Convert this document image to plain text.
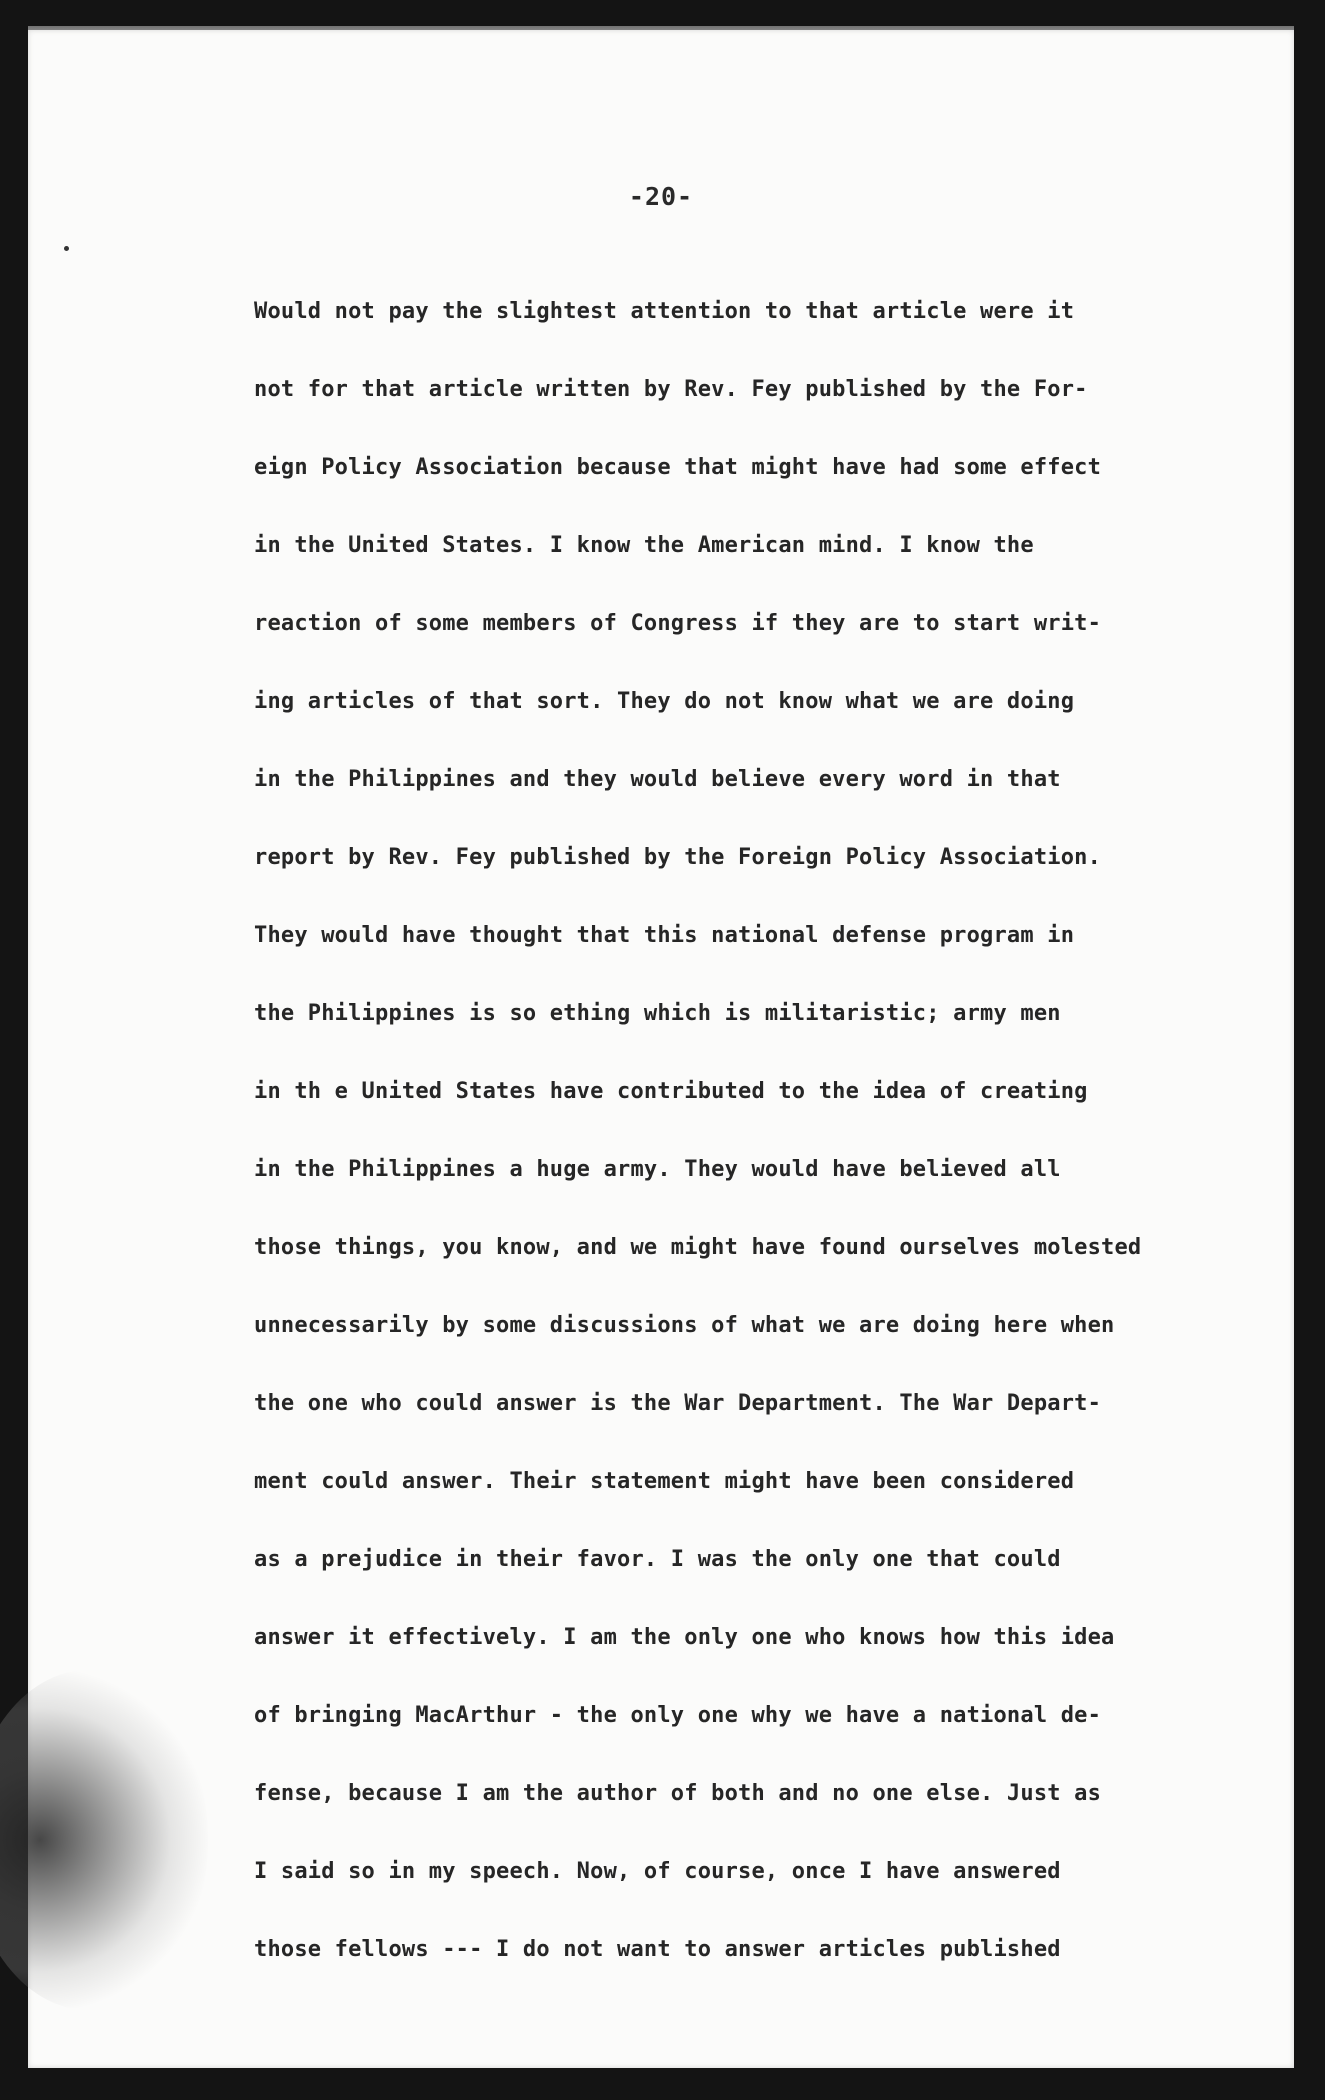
-20-
Would not pay the slightest attention to that article were it
not for that article written by Rev. Fey published by the For-
eign Policy Association because that might have had some effect
in the United States. I know the American mind. I know the
reaction of some members of Congress if they are to start writ-
ing articles of that sort. They do not know what we are doing
in the Philippines and they would believe every word in that
report by Rev. Fey published by the Foreign Policy Association.
They would have thought that this national defense program in
the Philippines is so ething which is militaristic; army men
in th e United States have contributed to the idea of creating
in the Philippines a huge army. They would have believed all
those things, you know, and we might have found ourselves molested
unnecessarily by some discussions of what we are doing here when
the one who could answer is the War Department. The War Depart-
ment could answer. Their statement might have been considered
as a prejudice in their favor. I was the only one that could
answer it effectively. I am the only one who knows how this idea
of bringing MacArthur - the only one why we have a national de-
fense, because I am the author of both and no one else. Just as
I said so in my speech. Now, of course, once I have answered
those fellows --- I do not want to answer articles published
